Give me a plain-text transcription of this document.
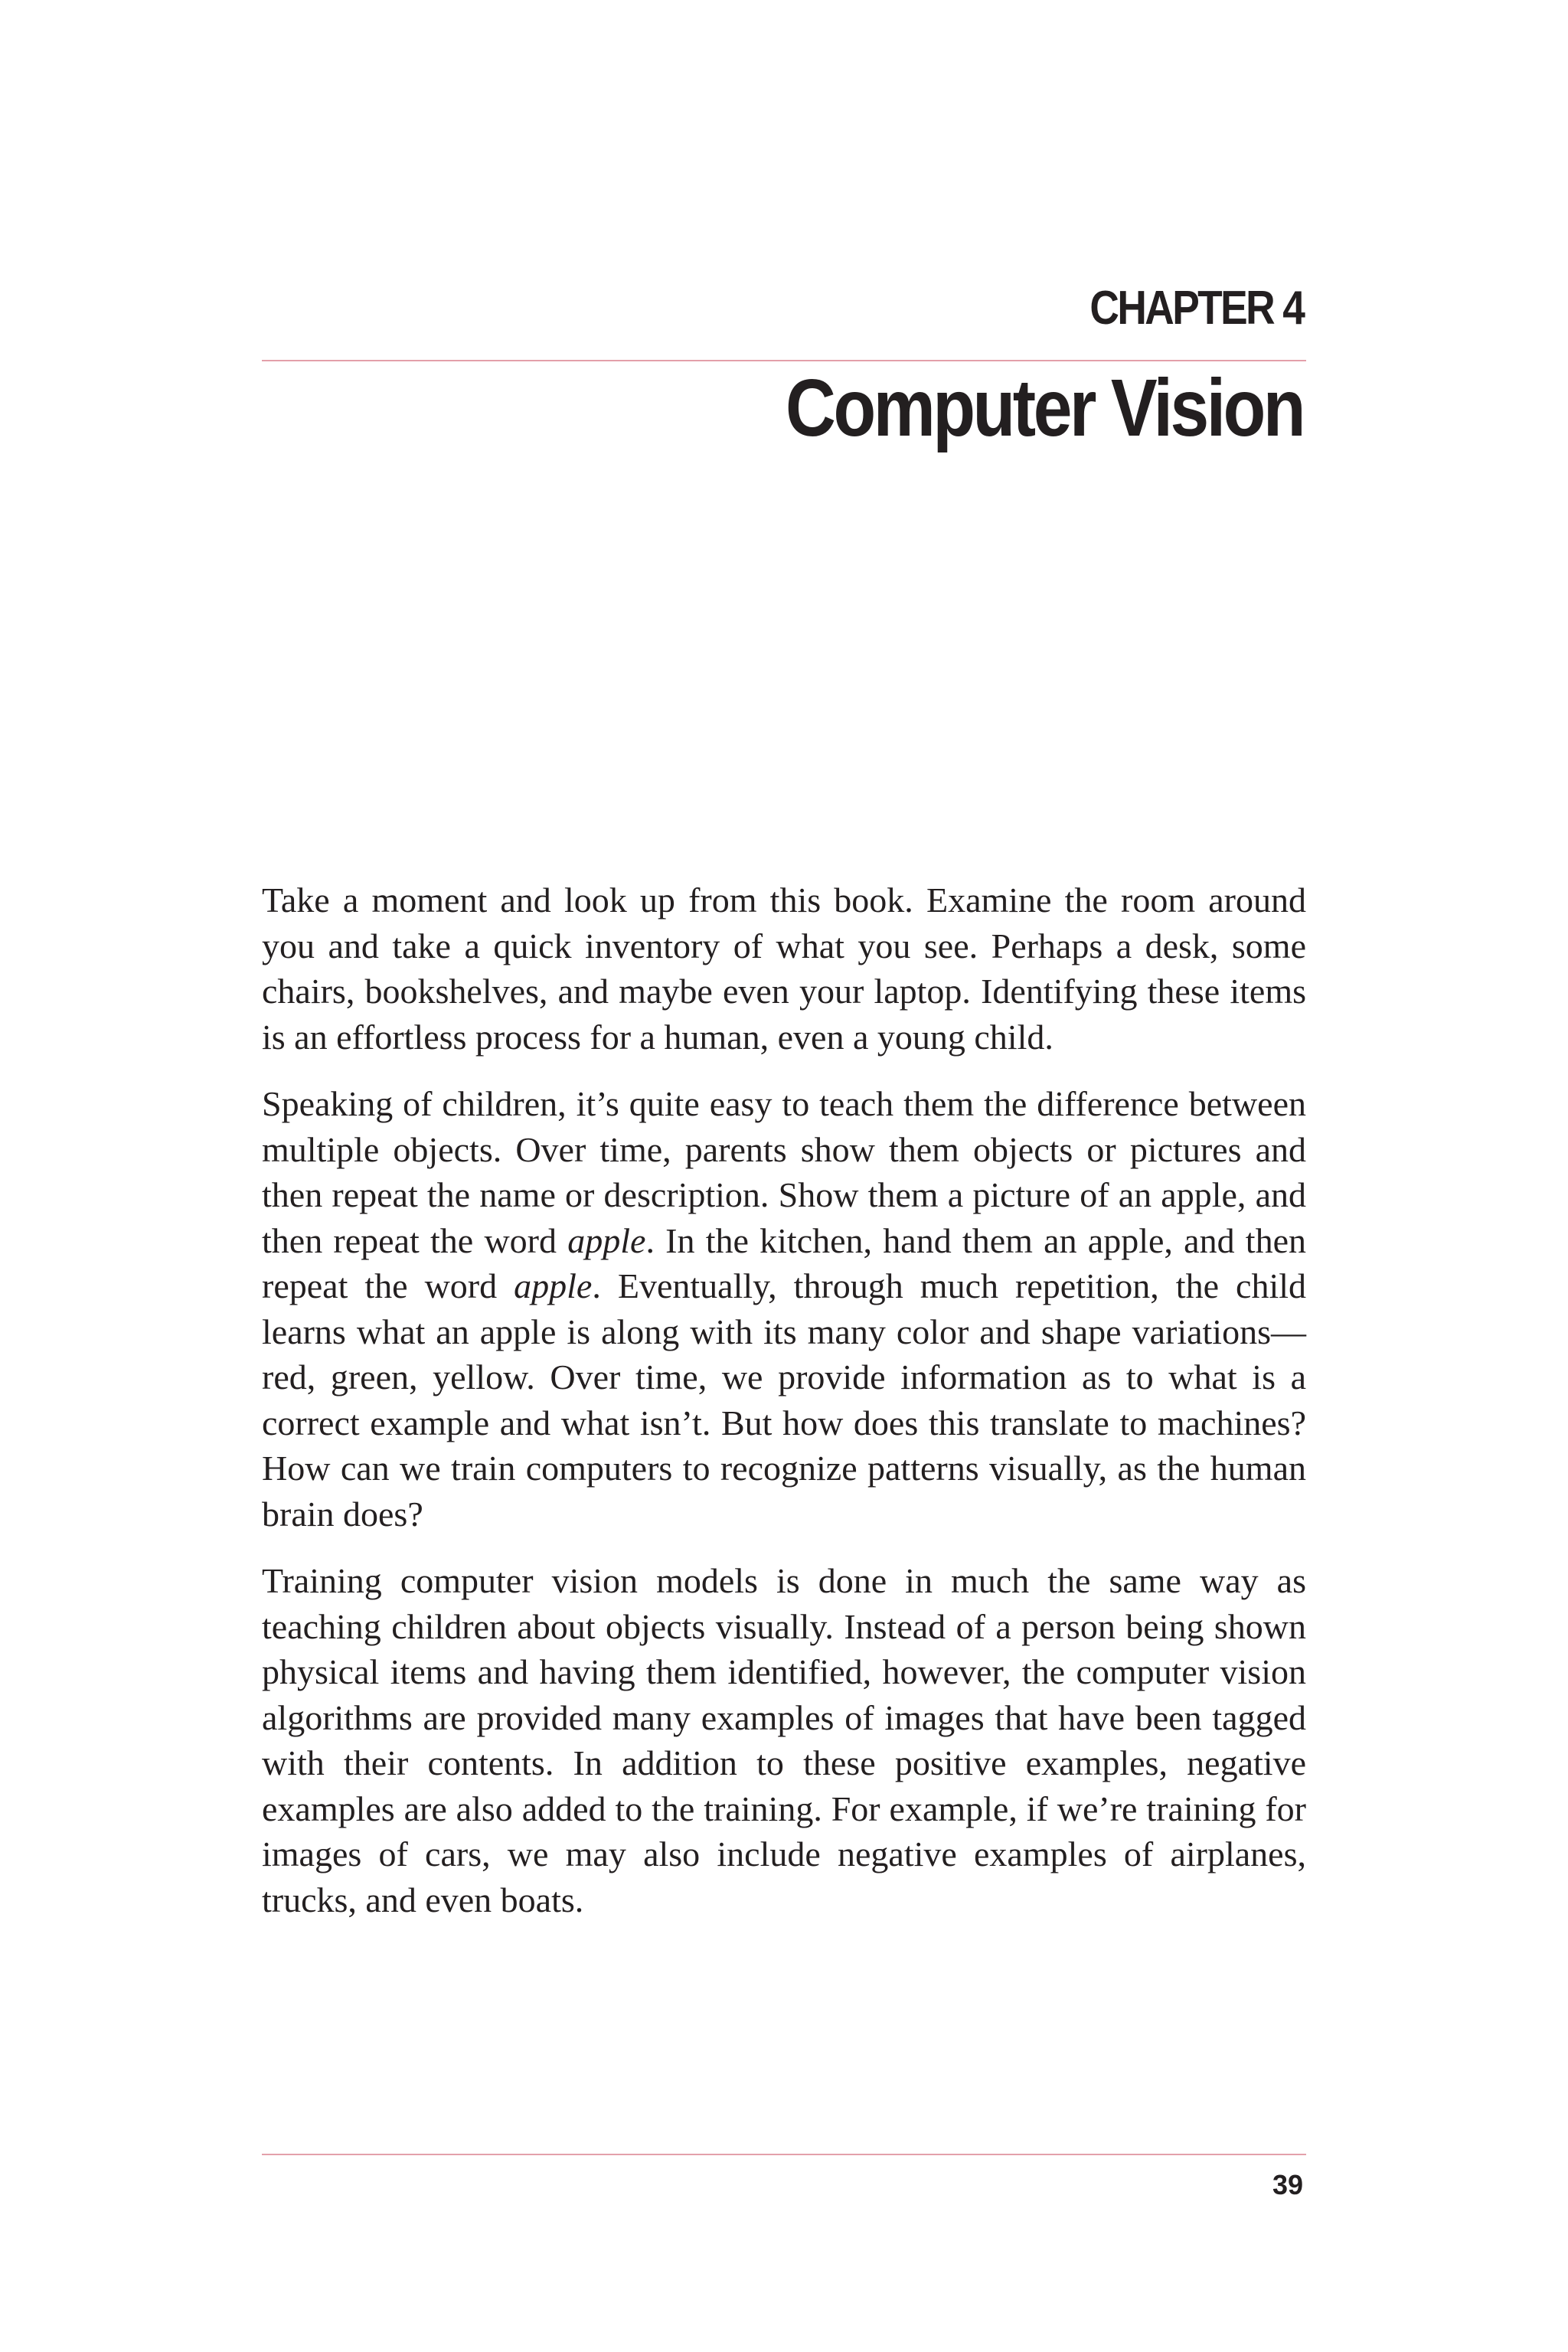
CHAPTER 4
Computer Vision

Take a moment and look up from this book. Examine the room around you and take a quick inventory of what you see. Perhaps a desk, some chairs, bookshelves, and maybe even your laptop. Identifying these items is an effortless process for a human, even a young child.

Speaking of children, it’s quite easy to teach them the difference between multiple objects. Over time, parents show them objects or pictures and then repeat the name or description. Show them a picture of an apple, and then repeat the word apple. In the kitchen, hand them an apple, and then repeat the word apple. Eventually, through much repetition, the child learns what an apple is along with its many color and shape variations—red, green, yellow. Over time, we provide information as to what is a correct example and what isn’t. But how does this translate to machines? How can we train computers to recognize patterns visually, as the human brain does?

Training computer vision models is done in much the same way as teaching children about objects visually. Instead of a person being shown physical items and having them identified, however, the computer vision algorithms are provided many examples of images that have been tagged with their contents. In addition to these positive examples, negative examples are also added to the training. For example, if we’re training for images of cars, we may also include negative examples of airplanes, trucks, and even boats.

39
